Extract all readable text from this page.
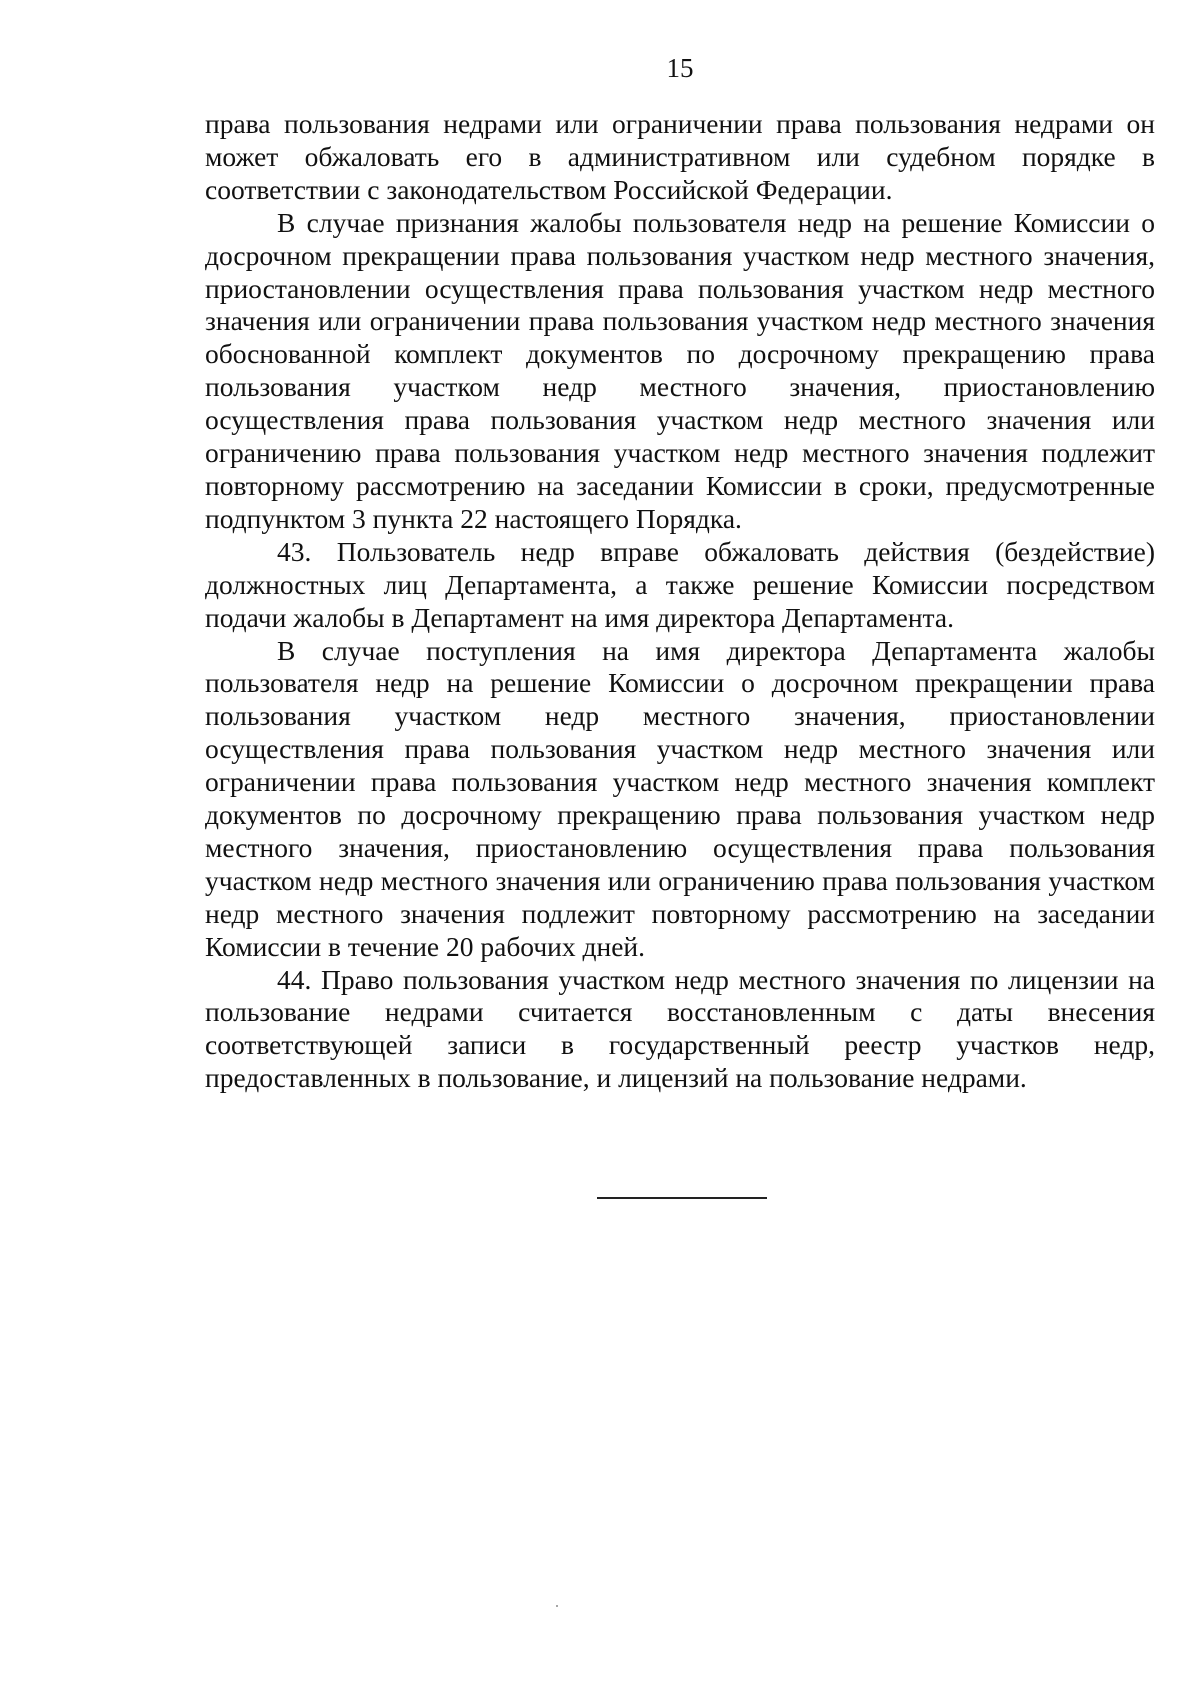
15

права пользования недрами или ограничении права пользования недрами он может обжаловать его в административном или судебном порядке в соответствии с законодательством Российской Федерации.

В случае признания жалобы пользователя недр на решение Комиссии о досрочном прекращении права пользования участком недр местного значения, приостановлении осуществления права пользования участком недр местного значения или ограничении права пользования участком недр местного значения обоснованной комплект документов по досрочному прекращению права пользования участком недр местного значения, приостановлению осуществления права пользования участком недр местного значения или ограничению права пользования участком недр местного значения подлежит повторному рассмотрению на заседании Комиссии в сроки, предусмотренные подпунктом 3 пункта 22 настоящего Порядка.

43. Пользователь недр вправе обжаловать действия (бездействие) должностных лиц Департамента, а также решение Комиссии посредством подачи жалобы в Департамент на имя директора Департамента.

В случае поступления на имя директора Департамента жалобы пользователя недр на решение Комиссии о досрочном прекращении права пользования участком недр местного значения, приостановлении осуществления права пользования участком недр местного значения или ограничении права пользования участком недр местного значения комплект документов по досрочному прекращению права пользования участком недр местного значения, приостановлению осуществления права пользования участком недр местного значения или ограничению права пользования участком недр местного значения подлежит повторному рассмотрению на заседании Комиссии в течение 20 рабочих дней.

44. Право пользования участком недр местного значения по лицензии на пользование недрами считается восстановленным с даты внесения соответствующей записи в государственный реестр участков недр, предоставленных в пользование, и лицензий на пользование недрами.
